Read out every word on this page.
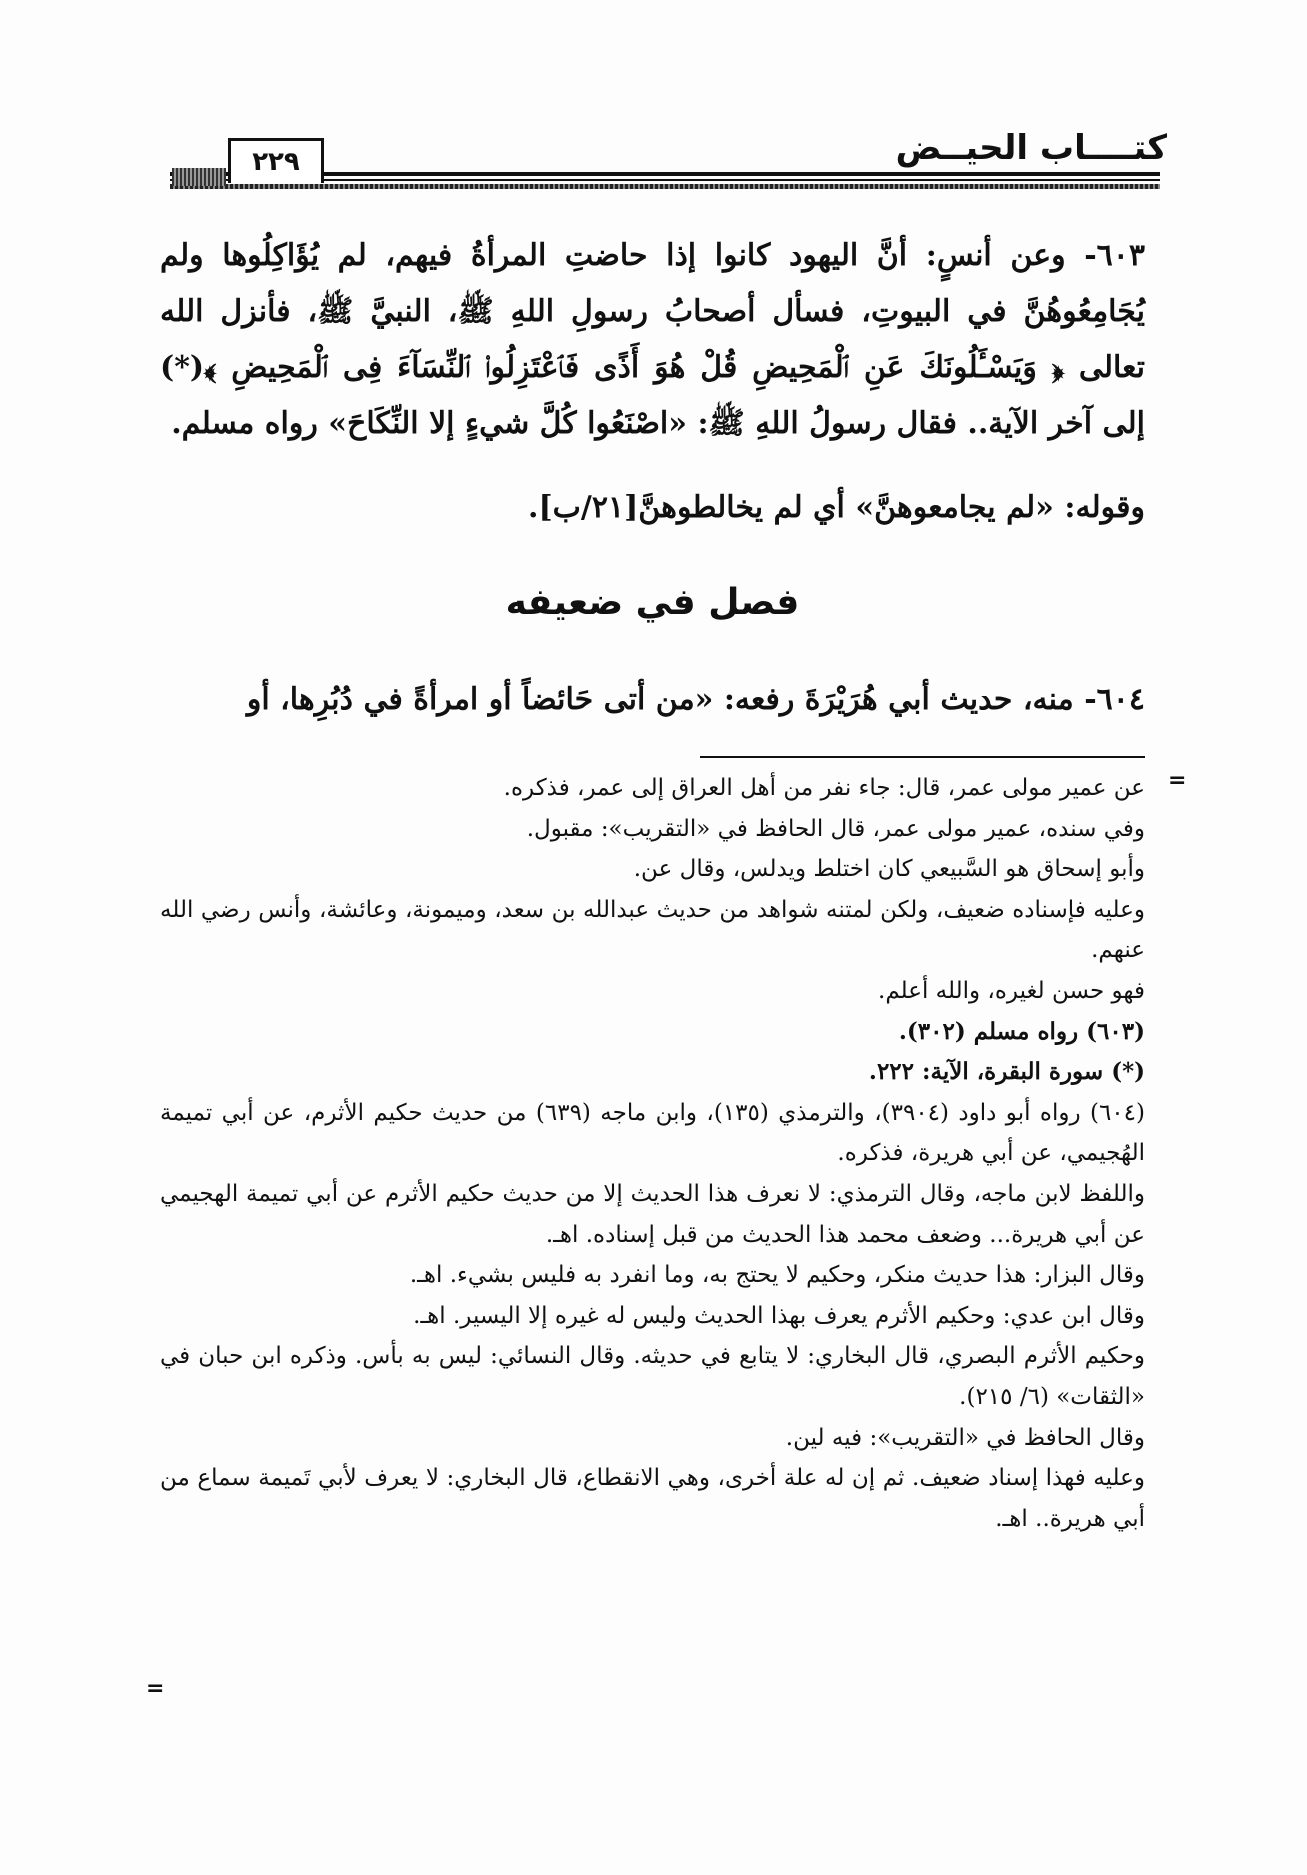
كتــــاب الحيــض
٢٢٩

٦٠٣- وعن أنسٍ: أنَّ اليهود كانوا إذا حاضتِ المرأةُ فيهم، لم يُؤَاكِلُوها ولم يُجَامِعُوهُنَّ في البيوتِ، فسأل أصحابُ رسولِ اللهِ ﷺ، النبيَّ ﷺ، فأنزل الله تعالى ﴿ وَيَسْـَٔلُونَكَ عَنِ ٱلْمَحِيضِ قُلْ هُوَ أَذًى فَٱعْتَزِلُوا۟ ٱلنِّسَآءَ فِى ٱلْمَحِيضِ ﴾(*) إلى آخر الآية.. فقال رسولُ اللهِ ﷺ: «اصْنَعُوا كُلَّ شيءٍ إلا النِّكَاحَ» رواه مسلم.

وقوله: «لم يجامعوهنَّ» أي لم يخالطوهنَّ[٢١/ب].

فصل في ضعيفه

٦٠٤- منه، حديث أبي هُرَيْرَةَ رفعه: «من أتى حَائضاً أو امرأةً في دُبُرِها، أو

=

عن عمير مولى عمر، قال: جاء نفر من أهل العراق إلى عمر، فذكره.

وفي سنده، عمير مولى عمر، قال الحافظ في «التقريب»: مقبول.

وأبو إسحاق هو السَّبيعي كان اختلط ويدلس، وقال عن.

وعليه فإسناده ضعيف، ولكن لمتنه شواهد من حديث عبدالله بن سعد، وميمونة، وعائشة، وأنس رضي الله عنهم.

فهو حسن لغيره، والله أعلم.

(٦٠٣) رواه مسلم (٣٠٢).

(*) سورة البقرة، الآية: ٢٢٢.

(٦٠٤) رواه أبو داود (٣٩٠٤)، والترمذي (١٣٥)، وابن ماجه (٦٣٩) من حديث حكيم الأثرم، عن أبي تميمة الهُجيمي، عن أبي هريرة، فذكره.

واللفظ لابن ماجه، وقال الترمذي: لا نعرف هذا الحديث إلا من حديث حكيم الأثرم عن أبي تميمة الهجيمي عن أبي هريرة... وضعف محمد هذا الحديث من قبل إسناده. اهـ.

وقال البزار: هذا حديث منكر، وحكيم لا يحتج به، وما انفرد به فليس بشيء. اهـ.

وقال ابن عدي: وحكيم الأثرم يعرف بهذا الحديث وليس له غيره إلا اليسير. اهـ.

وحكيم الأثرم البصري، قال البخاري: لا يتابع في حديثه. وقال النسائي: ليس به بأس. وذكره ابن حبان في «الثقات» (٦/ ٢١٥).

وقال الحافظ في «التقريب»: فيه لين.

وعليه فهذا إسناد ضعيف. ثم إن له علة أخرى، وهي الانقطاع، قال البخاري: لا يعرف لأبي تَميمة سماع من أبي هريرة.. اهـ.

=
